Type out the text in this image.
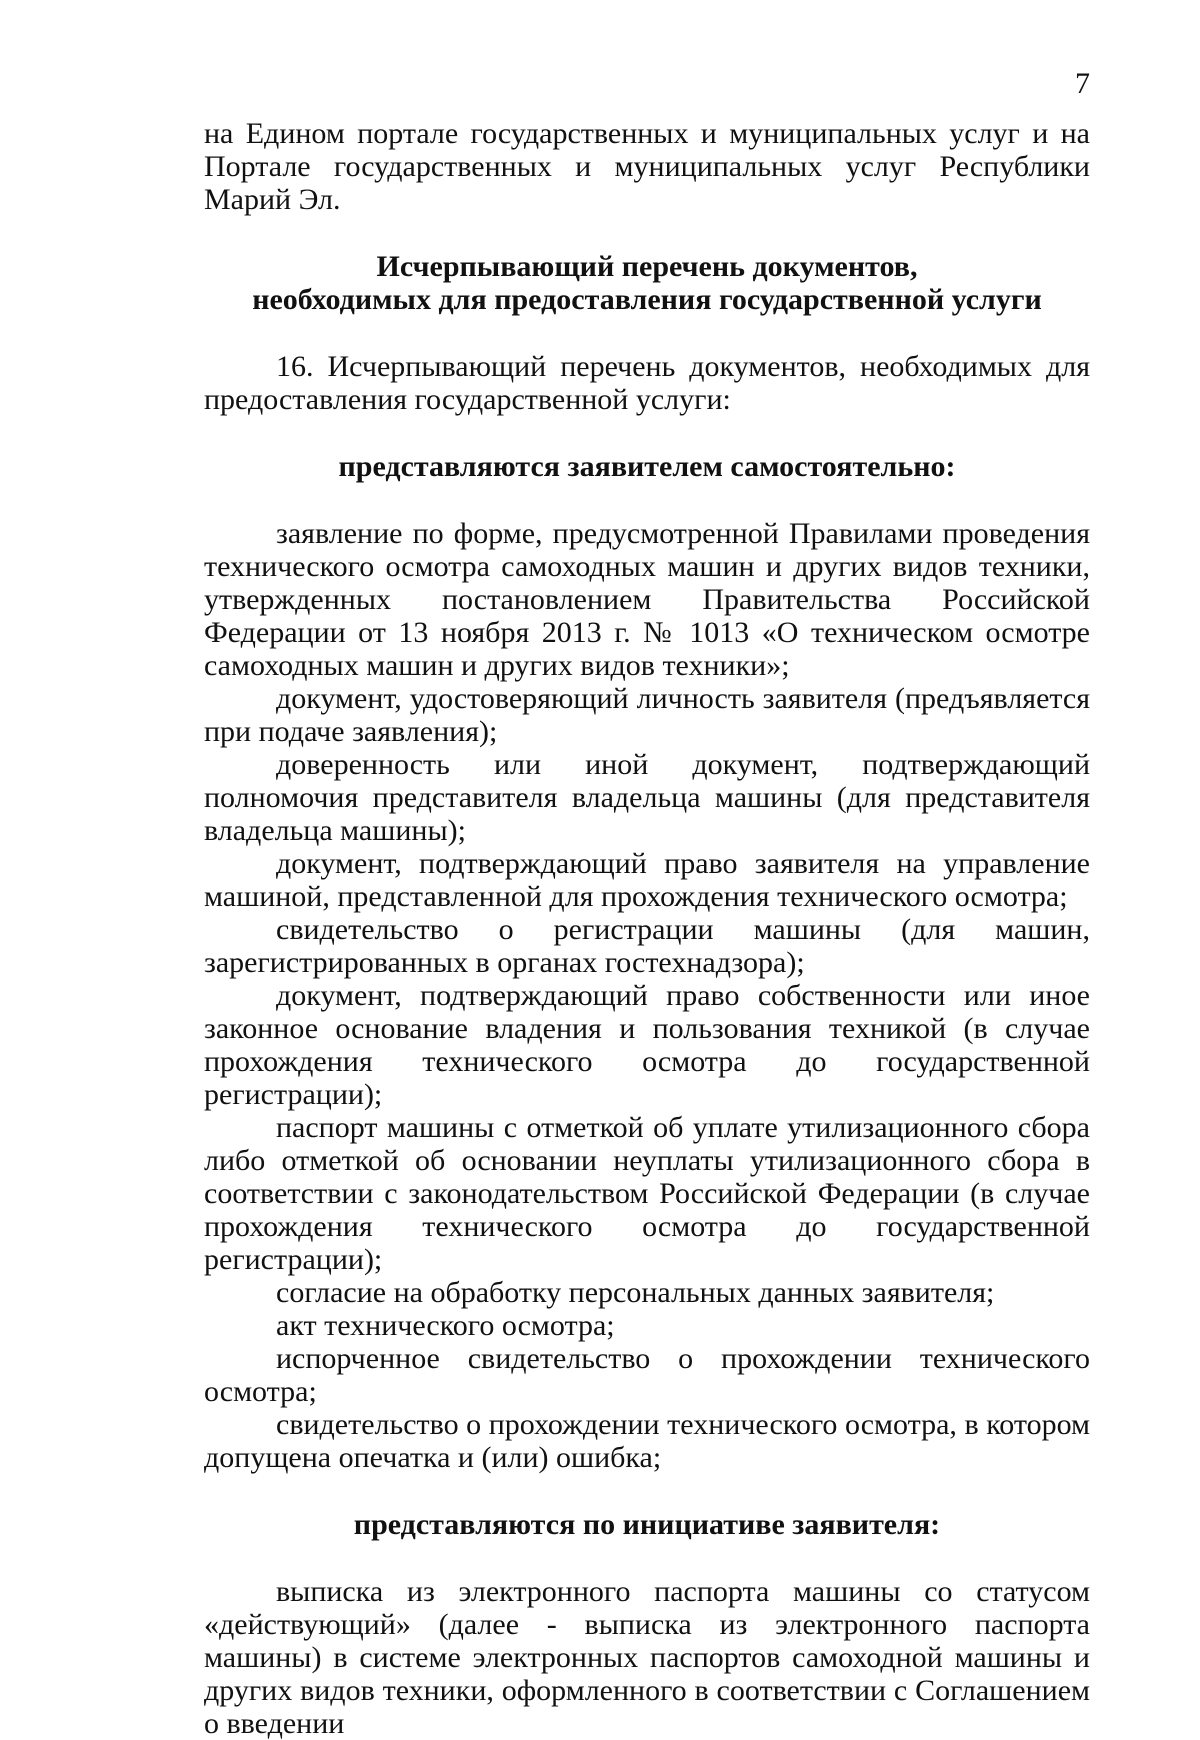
7

на Едином портале государственных и муниципальных услуг и на Портале государственных и муниципальных услуг Республики Марий Эл.

Исчерпывающий перечень документов,
необходимых для предоставления государственной услуги

16. Исчерпывающий перечень документов, необходимых для предоставления государственной услуги:

представляются заявителем самостоятельно:

заявление по форме, предусмотренной Правилами проведения технического осмотра самоходных машин и других видов техники, утвержденных постановлением Правительства Российской Федерации от 13 ноября 2013 г. № 1013 «О техническом осмотре самоходных машин и других видов техники»;

документ, удостоверяющий личность заявителя (предъявляется при подаче заявления);

доверенность или иной документ, подтверждающий полномочия представителя владельца машины (для представителя владельца машины);

документ, подтверждающий право заявителя на управление машиной, представленной для прохождения технического осмотра;

свидетельство о регистрации машины (для машин, зарегистрированных в органах гостехнадзора);

документ, подтверждающий право собственности или иное законное основание владения и пользования техникой (в случае прохождения технического осмотра до государственной регистрации);

паспорт машины с отметкой об уплате утилизационного сбора либо отметкой об основании неуплаты утилизационного сбора в соответствии с законодательством Российской Федерации (в случае прохождения технического осмотра до государственной регистрации);

согласие на обработку персональных данных заявителя;

акт технического осмотра;

испорченное свидетельство о прохождении технического осмотра;

свидетельство о прохождении технического осмотра, в котором допущена опечатка и (или) ошибка;

представляются по инициативе заявителя:

выписка из электронного паспорта машины со статусом «действующий» (далее - выписка из электронного паспорта машины) в системе электронных паспортов самоходной машины и других видов техники, оформленного в соответствии с Соглашением о введении
